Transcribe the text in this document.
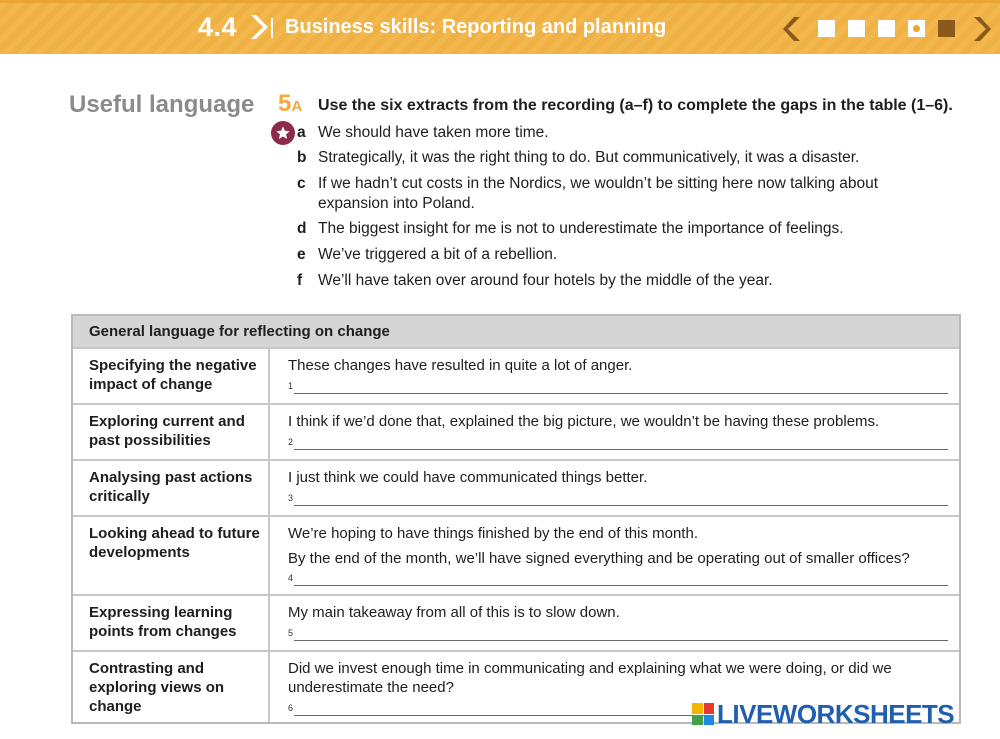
4.4 Business skills: Reporting and planning
Useful language 5A Use the six extracts from the recording (a–f) to complete the gaps in the table (1–6).
a We should have taken more time.
b Strategically, it was the right thing to do. But communicatively, it was a disaster.
c If we hadn’t cut costs in the Nordics, we wouldn’t be sitting here now talking about expansion into Poland.
d The biggest insight for me is not to underestimate the importance of feelings.
e We’ve triggered a bit of a rebellion.
f	We’ll have taken over around four hotels by the middle of the year.
General language for reflecting on change
Specifying the negative impact of change
These changes have resulted in quite a lot of anger.
1
Exploring current and past possibilities
I think if we’d done that, explained the big picture, we wouldn’t be having these problems.
2
Analysing past actions critically
I just think we could have communicated things better.
3
Looking ahead to future developments
We’re hoping to have things finished by the end of this month.
By the end of the month, we’ll have signed everything and be operating out of smaller offices?
4
Expressing learning points from changes
My main takeaway from all of this is to slow down.
5
Contrasting and exploring views on change
Did we invest enough time in communicating and explaining what we were doing, or did we underestimate the need?
6	LIVEWORKSHEETS
